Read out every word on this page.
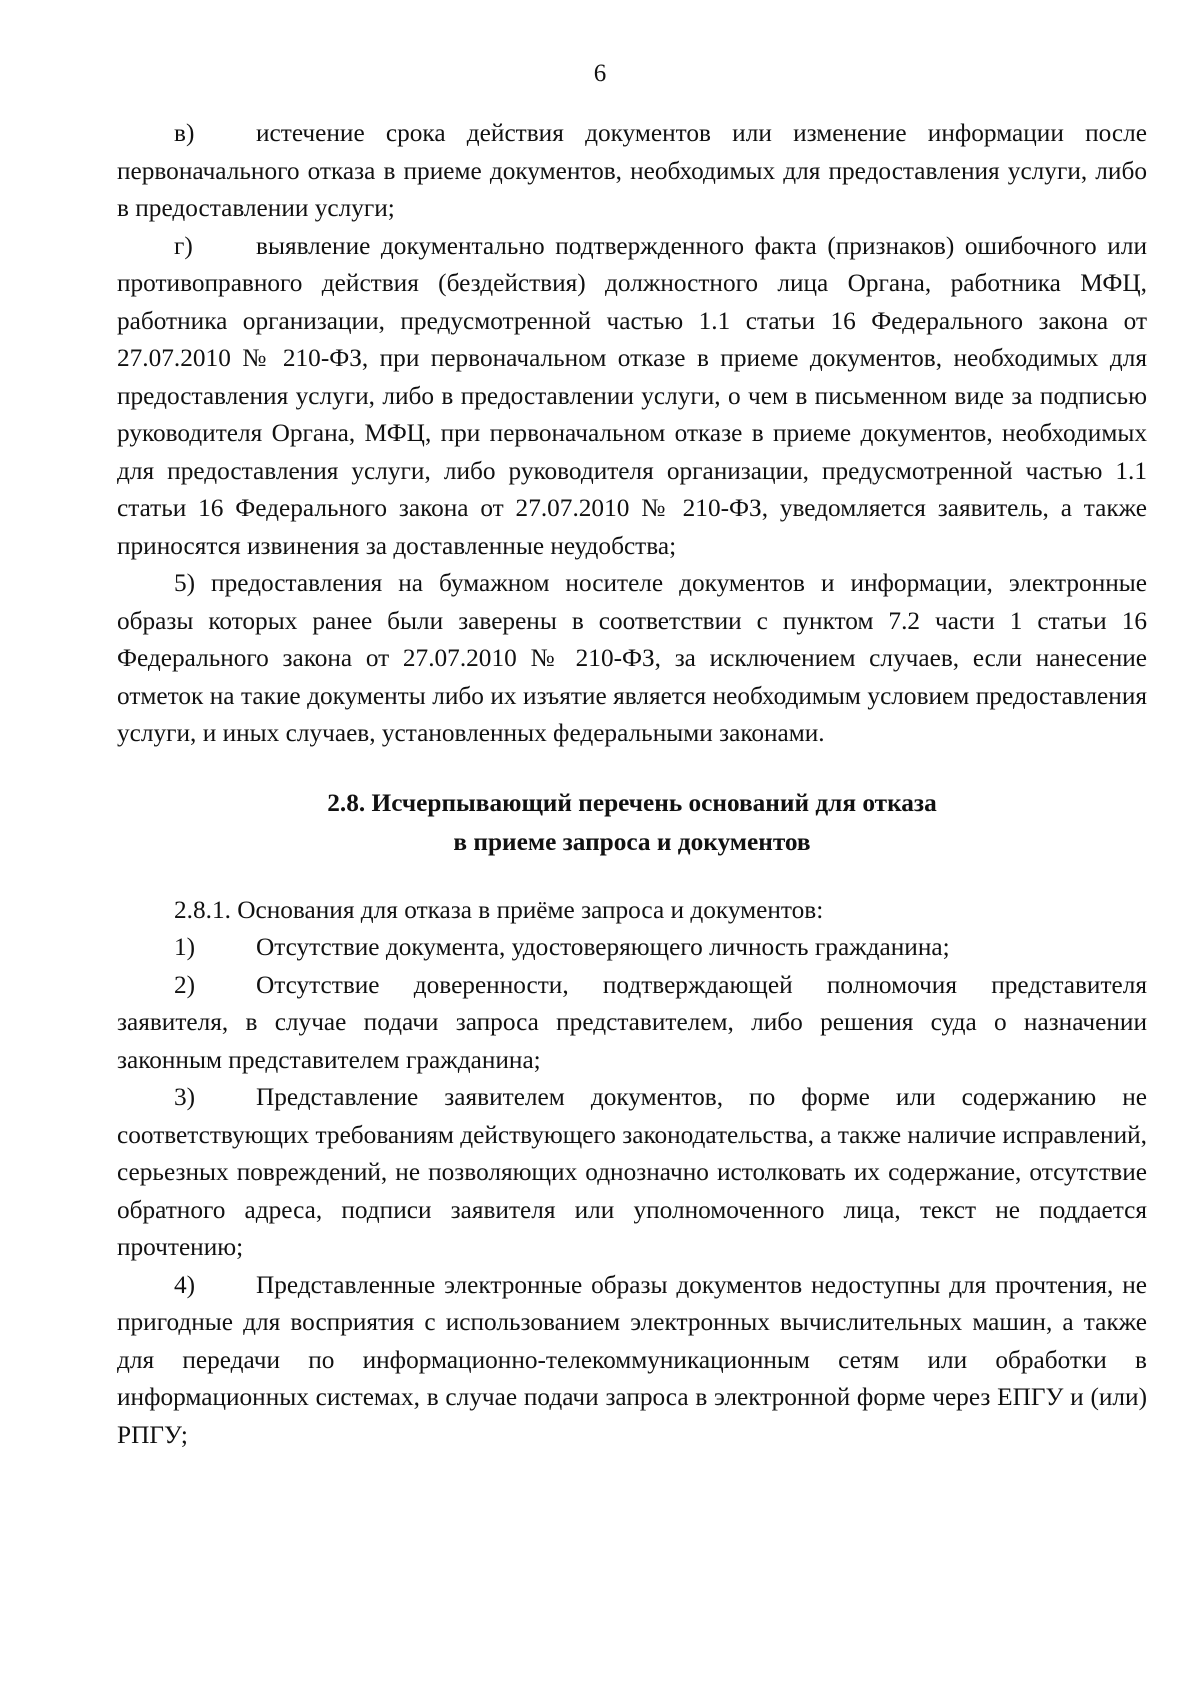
6

в) истечение срока действия документов или изменение информации после первоначального отказа в приеме документов, необходимых для предоставления услуги, либо в предоставлении услуги;

г) выявление документально подтвержденного факта (признаков) ошибочного или противоправного действия (бездействия) должностного лица Органа, работника МФЦ, работника организации, предусмотренной частью 1.1 статьи 16 Федерального закона от 27.07.2010 № 210-ФЗ, при первоначальном отказе в приеме документов, необходимых для предоставления услуги, либо в предоставлении услуги, о чем в письменном виде за подписью руководителя Органа, МФЦ, при первоначальном отказе в приеме документов, необходимых для предоставления услуги, либо руководителя организации, предусмотренной частью 1.1 статьи 16 Федерального закона от 27.07.2010 № 210-ФЗ, уведомляется заявитель, а также приносятся извинения за доставленные неудобства;

5) предоставления на бумажном носителе документов и информации, электронные образы которых ранее были заверены в соответствии с пунктом 7.2 части 1 статьи 16 Федерального закона от 27.07.2010 № 210-ФЗ, за исключением случаев, если нанесение отметок на такие документы либо их изъятие является необходимым условием предоставления услуги, и иных случаев, установленных федеральными законами.

2.8. Исчерпывающий перечень оснований для отказа

в приеме запроса и документов

2.8.1. Основания для отказа в приёме запроса и документов:

1) Отсутствие документа, удостоверяющего личность гражданина;

2) Отсутствие доверенности, подтверждающей полномочия представителя заявителя, в случае подачи запроса представителем, либо решения суда о назначении законным представителем гражданина;

3) Представление заявителем документов, по форме или содержанию не соответствующих требованиям действующего законодательства, а также наличие исправлений, серьезных повреждений, не позволяющих однозначно истолковать их содержание, отсутствие обратного адреса, подписи заявителя или уполномоченного лица, текст не поддается прочтению;

4) Представленные электронные образы документов недоступны для прочтения, не пригодные для восприятия с использованием электронных вычислительных машин, а также для передачи по информационно-телекоммуникационным сетям или обработки в информационных системах, в случае подачи запроса в электронной форме через ЕПГУ и (или) РПГУ;
